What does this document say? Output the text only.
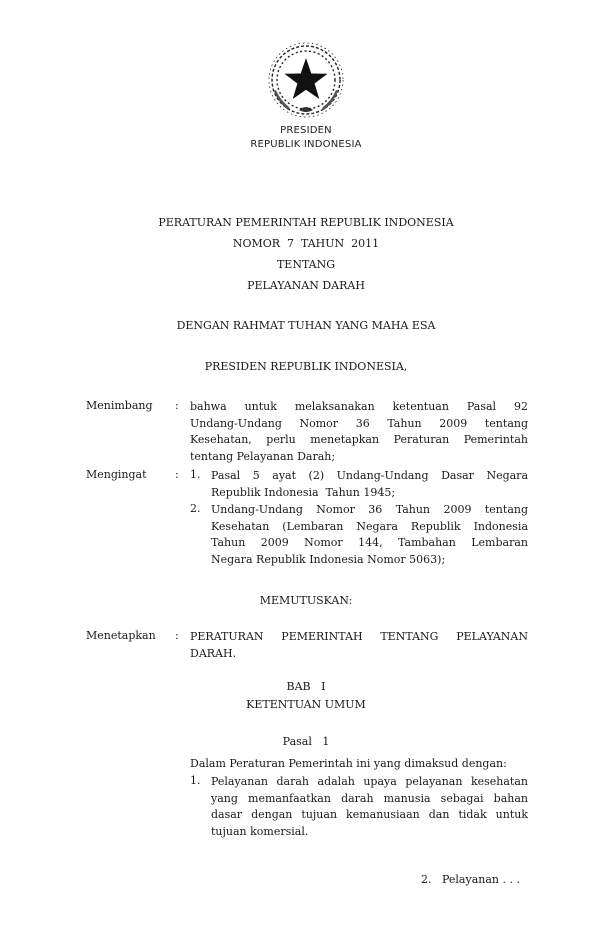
PRESIDEN
REPUBLIK INDONESIA
PERATURAN PEMERINTAH REPUBLIK INDONESIA
NOMOR  7  TAHUN  2011
TENTANG
PELAYANAN DARAH
DENGAN RAHMAT TUHAN YANG MAHA ESA
PRESIDEN REPUBLIK INDONESIA,
Menimbang : bahwa untuk melaksanakan ketentuan Pasal 92
Undang-Undang Nomor 36 Tahun 2009 tentang
Kesehatan, perlu menetapkan Peraturan Pemerintah
tentang Pelayanan Darah;
Mengingat	: 1. Pasal 5 ayat (2) Undang-Undang Dasar Negara
Republik Indonesia  Tahun 1945;
2. Undang-Undang Nomor 36 Tahun 2009 tentang
Kesehatan (Lembaran Negara Republik Indonesia
Tahun 2009 Nomor 144, Tambahan Lembaran
Negara Republik Indonesia Nomor 5063);
MEMUTUSKAN:
Menetapkan : PERATURAN PEMERINTAH TENTANG PELAYANAN
DARAH.
BAB   I
KETENTUAN UMUM
Pasal   1
Dalam Peraturan Pemerintah ini yang dimaksud dengan:
1. Pelayanan darah adalah upaya pelayanan kesehatan
yang memanfaatkan darah manusia sebagai bahan
dasar dengan tujuan kemanusiaan dan tidak untuk
tujuan komersial.
2.   Pelayanan . . .
